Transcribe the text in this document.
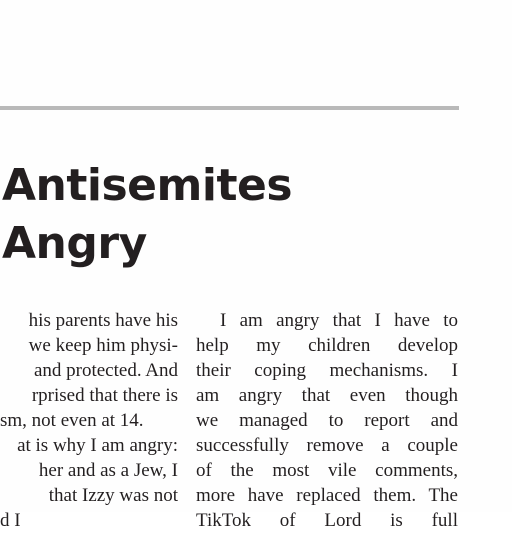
Antisemites
Angry
his parents have his
we keep him physi-
and protected. And
rprised that there is
sm, not even at 14.
at is why I am angry:
her and as a Jew, I
that Izzy was not
d I
I am angry that I have to
help my children develop
their coping mechanisms. I
am angry that even though
we managed to report and
successfully remove a couple
of the most vile comments,
more have replaced them. The
TikTok of Lord is full
